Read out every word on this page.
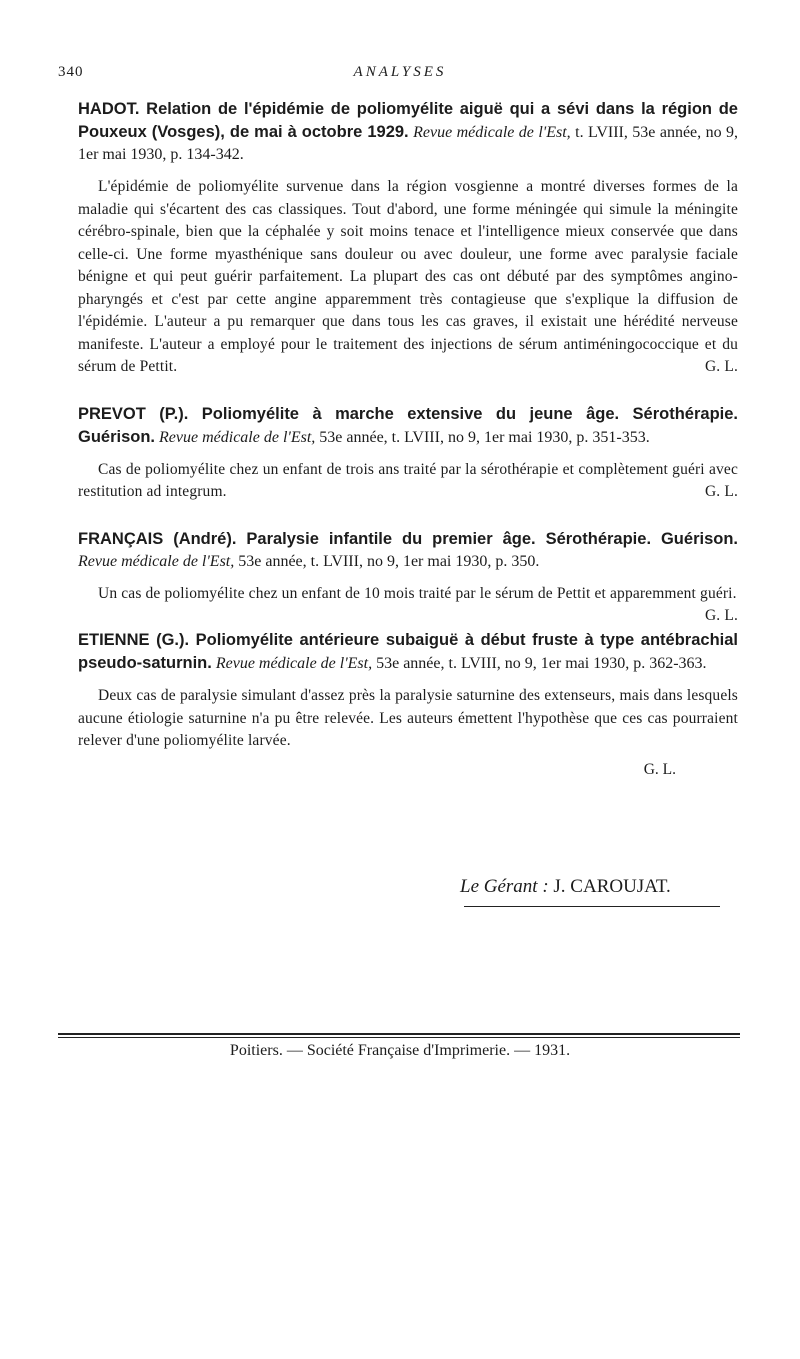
340	ANALYSES
HADOT. Relation de l'épidémie de poliomyélite aiguë qui a sévi dans la région de Pouxeux (Vosges), de mai à octobre 1929. Revue médicale de l'Est, t. LVIII, 53e année, no 9, 1er mai 1930, p. 134-342.
L'épidémie de poliomyélite survenue dans la région vosgienne a montré diverses formes de la maladie qui s'écartent des cas classiques. Tout d'abord, une forme méningée qui simule la méningite cérébro-spinale, bien que la céphalée y soit moins tenace et l'intelligence mieux conservée que dans celle-ci. Une forme myasthénique sans douleur ou avec douleur, une forme avec paralysie faciale bénigne et qui peut guérir parfaitement. La plupart des cas ont débuté par des symptômes angino-pharyngés et c'est par cette angine apparemment très contagieuse que s'explique la diffusion de l'épidémie. L'auteur a pu remarquer que dans tous les cas graves, il existait une hérédité nerveuse manifeste. L'auteur a employé pour le traitement des injections de sérum antiméningococcique et du sérum de Pettit.	G. L.
PREVOT (P.). Poliomyélite à marche extensive du jeune âge. Sérothérapie. Guérison. Revue médicale de l'Est, 53e année, t. LVIII, no 9, 1er mai 1930, p. 351-353.
Cas de poliomyélite chez un enfant de trois ans traité par la sérothérapie et complètement guéri avec restitution ad integrum.	G. L.
FRANÇAIS (André). Paralysie infantile du premier âge. Sérothérapie. Guérison. Revue médicale de l'Est, 53e année, t. LVIII, no 9, 1er mai 1930, p. 350.
Un cas de poliomyélite chez un enfant de 10 mois traité par le sérum de Pettit et apparemment guéri.
G. L.
ETIENNE (G.). Poliomyélite antérieure subaiguë à début fruste à type antébrachial pseudo-saturnin. Revue médicale de l'Est, 53e année, t. LVIII, no 9, 1er mai 1930, p. 362-363.
Deux cas de paralysie simulant d'assez près la paralysie saturnine des extenseurs, mais dans lesquels aucune étiologie saturnine n'a pu être relevée. Les auteurs émettent l'hypothèse que ces cas pourraient relever d'une poliomyélite larvée.
G. L.
Le Gérant : J. CAROUJAT.
Poitiers. — Société Française d'Imprimerie. — 1931.
